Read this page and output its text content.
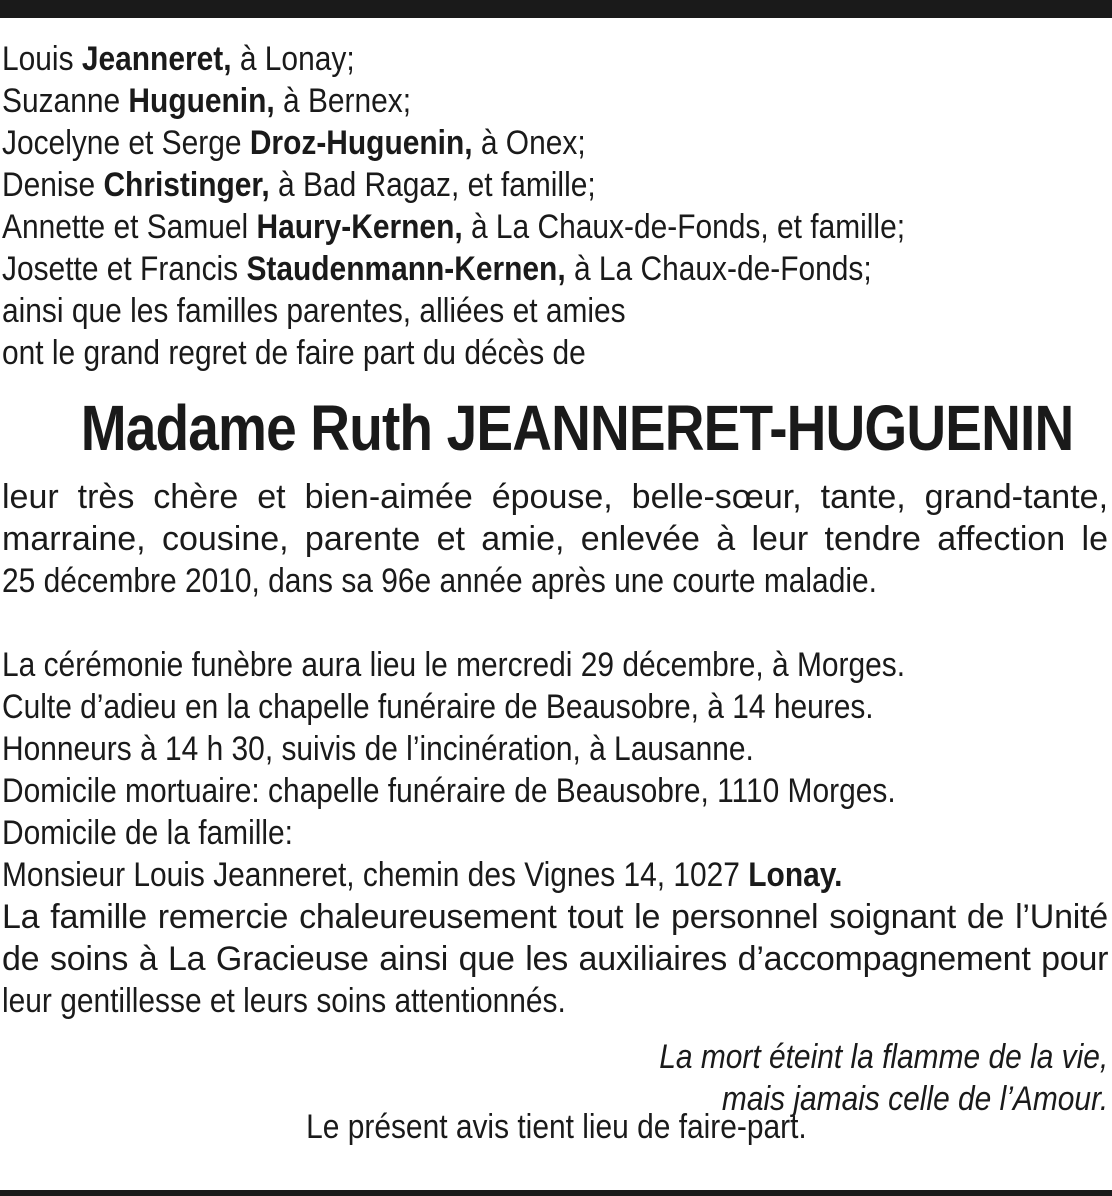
Louis Jeanneret, à Lonay;
Suzanne Huguenin, à Bernex;
Jocelyne et Serge Droz-Huguenin, à Onex;
Denise Christinger, à Bad Ragaz, et famille;
Annette et Samuel Haury-Kernen, à La Chaux-de-Fonds, et famille;
Josette et Francis Staudenmann-Kernen, à La Chaux-de-Fonds;
ainsi que les familles parentes, alliées et amies
ont le grand regret de faire part du décès de
Madame Ruth JEANNERET-HUGUENIN
leur très chère et bien-aimée épouse, belle-sœur, tante, grand-tante,
marraine, cousine, parente et amie, enlevée à leur tendre affection le
25 décembre 2010, dans sa 96e année après une courte maladie.
La cérémonie funèbre aura lieu le mercredi 29 décembre, à Morges.
Culte d’adieu en la chapelle funéraire de Beausobre, à 14 heures.
Honneurs à 14 h 30, suivis de l’incinération, à Lausanne.
Domicile mortuaire: chapelle funéraire de Beausobre, 1110 Morges.
Domicile de la famille:
Monsieur Louis Jeanneret, chemin des Vignes 14, 1027 Lonay.
La famille remercie chaleureusement tout le personnel soignant de l’Unité
de soins à La Gracieuse ainsi que les auxiliaires d’accompagnement pour
leur gentillesse et leurs soins attentionnés.
La mort éteint la flamme de la vie,
mais jamais celle de l’Amour.
Le présent avis tient lieu de faire-part.
